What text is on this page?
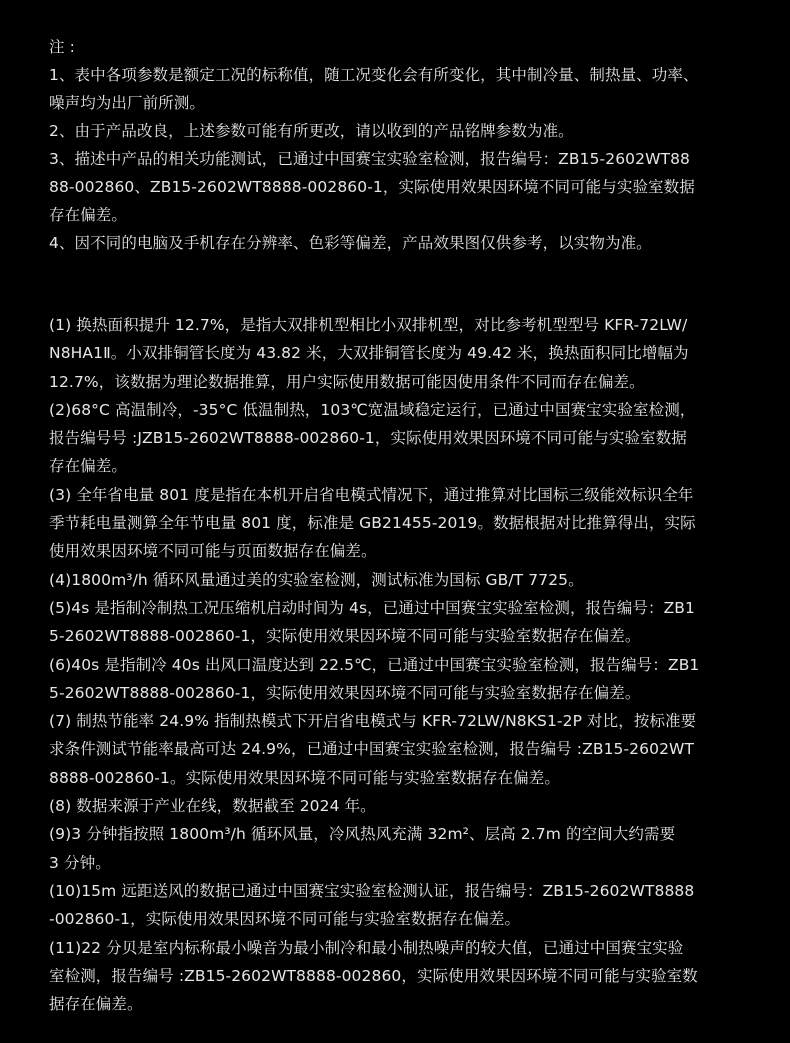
注 :
1、表中各项参数是额定工况的标称值，随工况变化会有所变化，其中制冷量、制热量、功率、
噪声均为出厂前所测。
2、由于产品改良，上述参数可能有所更改，请以收到的产品铭牌参数为准。
3、描述中产品的相关功能测试，已通过中国赛宝实验室检测，报告编号：ZB15-2602WT88
88-002860、ZB15-2602WT8888-002860-1，实际使用效果因环境不同可能与实验室数据
存在偏差。
4、因不同的电脑及手机存在分辨率、色彩等偏差，产品效果图仅供参考，以实物为准。
(1) 换热面积提升 12.7%，是指大双排机型相比小双排机型，对比参考机型型号 KFR-72LW/
N8HA1Ⅱ。小双排铜管长度为 43.82 米，大双排铜管长度为 49.42 米，换热面积同比增幅为
12.7%，该数据为理论数据推算，用户实际使用数据可能因使用条件不同而存在偏差。
(2)68°C 高温制冷，-35°C 低温制热，103℃宽温域稳定运行，已通过中国赛宝实验室检测，
报告编号号 :JZB15-2602WT8888-002860-1，实际使用效果因环境不同可能与实验室数据
存在偏差。
(3) 全年省电量 801 度是指在本机开启省电模式情况下，通过推算对比国标三级能效标识全年
季节耗电量测算全年节电量 801 度，标准是 GB21455-2019。数据根据对比推算得出，实际
使用效果因环境不同可能与页面数据存在偏差。
(4)1800m³/h 循环风量通过美的实验室检测，测试标准为国标 GB/T 7725。
(5)4s 是指制冷制热工况压缩机启动时间为 4s，已通过中国赛宝实验室检测，报告编号：ZB1
5-2602WT8888-002860-1，实际使用效果因环境不同可能与实验室数据存在偏差。
(6)40s 是指制冷 40s 出风口温度达到 22.5℃，已通过中国赛宝实验室检测，报告编号：ZB1
5-2602WT8888-002860-1，实际使用效果因环境不同可能与实验室数据存在偏差。
(7) 制热节能率 24.9% 指制热模式下开启省电模式与 KFR-72LW/N8KS1-2P 对比，按标准要
求条件测试节能率最高可达 24.9%，已通过中国赛宝实验室检测，报告编号 :ZB15-2602WT
8888-002860-1。实际使用效果因环境不同可能与实验室数据存在偏差。
(8) 数据来源于产业在线，数据截至 2024 年。
(9)3 分钟指按照 1800m³/h 循环风量，冷风热风充满 32m²、层高 2.7m 的空间大约需要
3 分钟。
(10)15m 远距送风的数据已通过中国赛宝实验室检测认证，报告编号：ZB15-2602WT8888
-002860-1，实际使用效果因环境不同可能与实验室数据存在偏差。
(11)22 分贝是室内标称最小噪音为最小制冷和最小制热噪声的较大值，已通过中国赛宝实验
室检测，报告编号 :ZB15-2602WT8888-002860，实际使用效果因环境不同可能与实验室数
据存在偏差。
